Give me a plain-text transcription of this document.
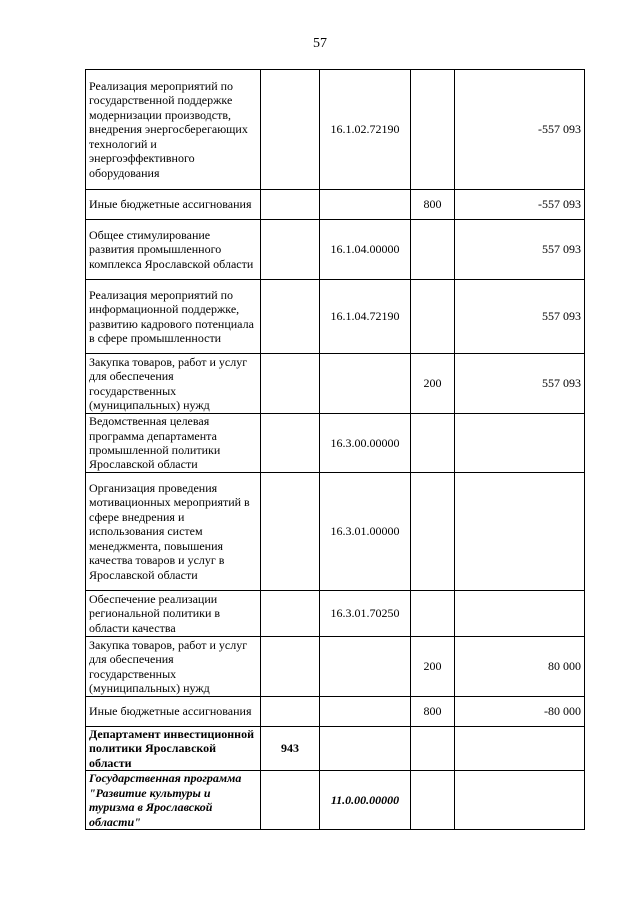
57
Реализация мероприятий по государственной поддержке модернизации производств, внедрения энергосберегающих технологий и энергоэффективного оборудования		16.1.02.72190		-557 093
Иные бюджетные ассигнования			800	-557 093
Общее стимулирование развития промышленного комплекса Ярославской области		16.1.04.00000		557 093
Реализация мероприятий по информационной поддержке, развитию кадрового потенциала в сфере промышленности		16.1.04.72190		557 093
Закупка товаров, работ и услуг для обеспечения государственных (муниципальных) нужд			200	557 093
Ведомственная целевая программа департамента промышленной политики Ярославской области		16.3.00.00000		
Организация проведения мотивационных мероприятий в сфере внедрения и использования систем менеджмента, повышения качества товаров и услуг в Ярославской области		16.3.01.00000		
Обеспечение реализации региональной политики в области качества		16.3.01.70250		
Закупка товаров, работ и услуг для обеспечения государственных (муниципальных) нужд			200	80 000
Иные бюджетные ассигнования			800	-80 000
Департамент инвестиционной политики Ярославской области	943			
Государственная программа "Развитие культуры и туризма в Ярославской области"		11.0.00.00000		
